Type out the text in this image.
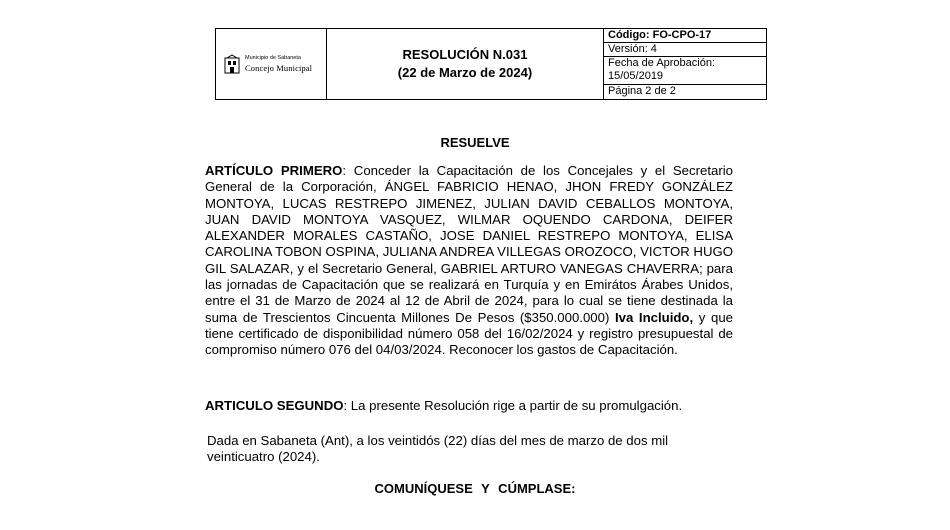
Municipio de Sabaneta
Concejo Municipal
RESOLUCIÓN N.031
(22 de Marzo de 2024)
Código: FO-CPO-17
Versión: 4
Fecha de Aprobación:
15/05/2019
Página 2 de 2
RESUELVE
ARTÍCULO PRIMERO: Conceder la Capacitación de los Concejales y el Secretario General de la Corporación, ÁNGEL FABRICIO HENAO, JHON FREDY GONZÁLEZ MONTOYA, LUCAS RESTREPO JIMENEZ, JULIAN DAVID CEBALLOS MONTOYA, JUAN DAVID MONTOYA VASQUEZ, WILMAR OQUENDO CARDONA, DEIFER ALEXANDER MORALES CASTAÑO, JOSE DANIEL RESTREPO MONTOYA, ELISA CAROLINA TOBON OSPINA, JULIANA ANDREA VILLEGAS OROZOCO, VICTOR HUGO GIL SALAZAR, y el Secretario General, GABRIEL ARTURO VANEGAS CHAVERRA; para las jornadas de Capacitación que se realizará en Turquía y en Emirátos Árabes Unidos, entre el 31 de Marzo de 2024 al 12 de Abril de 2024, para lo cual se tiene destinada la suma de Trescientos Cincuenta Millones De Pesos ($350.000.000) Iva Incluido, y que tiene certificado de disponibilidad número 058 del 16/02/2024 y registro presupuestal de compromiso número 076 del 04/03/2024. Reconocer los gastos de Capacitación.
ARTICULO SEGUNDO: La presente Resolución rige a partir de su promulgación.
Dada en Sabaneta (Ant), a los veintidós (22) días del mes de marzo de dos mil veinticuatro (2024).
COMUNÍQUESE Y CÚMPLASE:
